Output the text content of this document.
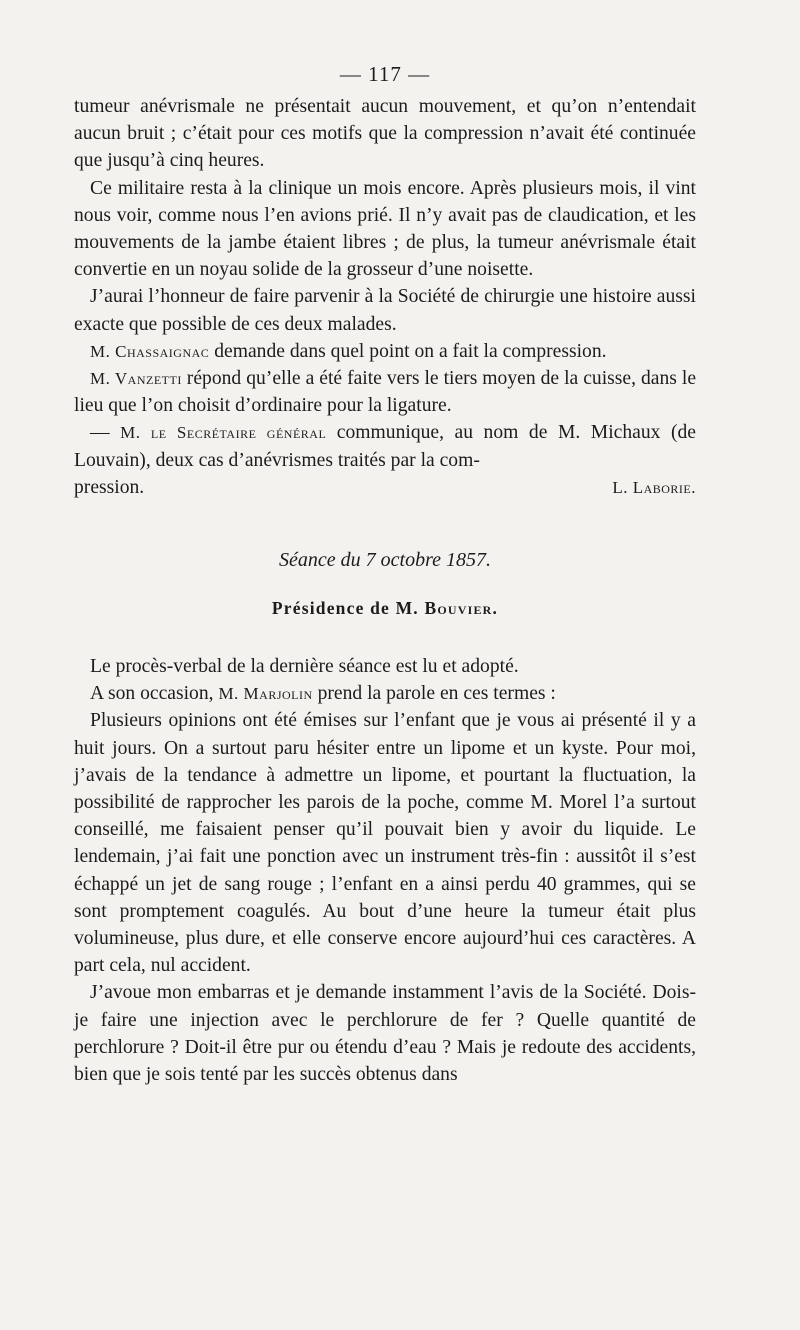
— 117 —

tumeur anévrismale ne présentait aucun mouvement, et qu’on n’entendait aucun bruit ; c’était pour ces motifs que la compression n’avait été continuée que jusqu’à cinq heures.

Ce militaire resta à la clinique un mois encore. Après plusieurs mois, il vint nous voir, comme nous l’en avions prié. Il n’y avait pas de claudication, et les mouvements de la jambe étaient libres ; de plus, la tumeur anévrismale était convertie en un noyau solide de la grosseur d’une noisette.

J’aurai l’honneur de faire parvenir à la Société de chirurgie une histoire aussi exacte que possible de ces deux malades.

M. Chassaignac demande dans quel point on a fait la compression.

M. Vanzetti répond qu’elle a été faite vers le tiers moyen de la cuisse, dans le lieu que l’on choisit d’ordinaire pour la ligature.

— M. le Secrétaire général communique, au nom de M. Michaux (de Louvain), deux cas d’anévrismes traités par la com-

pression.	L. Laborie.
Séance du 7 octobre 1857.
Présidence de M. Bouvier.

Le procès-verbal de la dernière séance est lu et adopté.

A son occasion, M. Marjolin prend la parole en ces termes :

Plusieurs opinions ont été émises sur l’enfant que je vous ai présenté il y a huit jours. On a surtout paru hésiter entre un lipome et un kyste. Pour moi, j’avais de la tendance à admettre un lipome, et pourtant la fluctuation, la possibilité de rapprocher les parois de la poche, comme M. Morel l’a surtout conseillé, me faisaient penser qu’il pouvait bien y avoir du liquide. Le lendemain, j’ai fait une ponction avec un instrument très-fin : aussitôt il s’est échappé un jet de sang rouge ; l’enfant en a ainsi perdu 40 grammes, qui se sont promptement coagulés. Au bout d’une heure la tumeur était plus volumineuse, plus dure, et elle conserve encore aujourd’hui ces caractères. A part cela, nul accident.

J’avoue mon embarras et je demande instamment l’avis de la Société. Dois-je faire une injection avec le perchlorure de fer ? Quelle quantité de perchlorure ? Doit-il être pur ou étendu d’eau ? Mais je redoute des accidents, bien que je sois tenté par les succès obtenus dans
